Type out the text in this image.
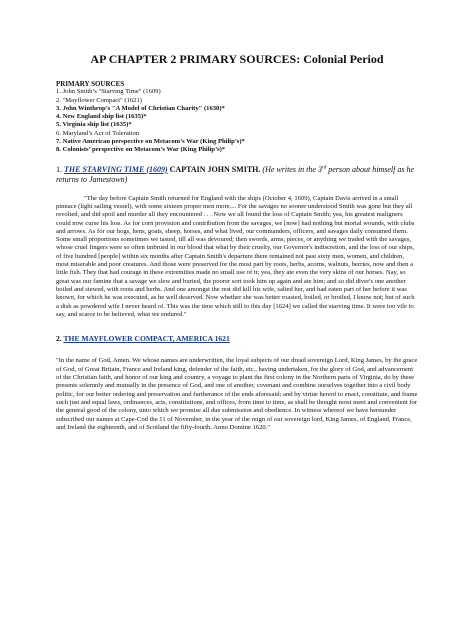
AP CHAPTER 2 PRIMARY SOURCES: Colonial Period

PRIMARY SOURCES

1. John Smith’s "Starving Time" (1609)
2. "Mayflower Compact" (1621)
3. John Winthrop’s "A Model of Christian Charity" (1630)*
4. New England ship list (1635)*
5. Virginia ship list (1635)*
6. Maryland’s Act of Toleration
7. Native American perspective on Metacom’s War (King Philip’s)*
8. Colonists’ perspective on Metacom’s War (King Philip’s)*

1. THE STARVING TIME (1609) CAPTAIN JOHN SMITH. (He writes in the 3rd person about himself as he returns to Jamestown)

"The day before Captain Smith returned for England with the ships (October 4, 1609), Captain Davis arrived in a small pinnace (light sailing vessel), with some sixteen proper men more.... For the savages no sooner understood Smith was gone but they all revolted, and did spoil and murder all they encountered . . . Now we all found the loss of Captain Smith; yea, his greatest maligners could now curse his loss. As for corn provision and contribution from the savages, we [now] had nothing but mortal wounds, with clubs and arrows. As for our hogs, hens, goats, sheep, horses, and what lived, our commanders, officers, and savages daily consumed them. Some small proportions sometimes we tasted, till all was devoured; then swords, arms, pieces, or anything we traded with the savages, whose cruel fingers were so often imbrued in our blood that what by their cruelty, our Governor's indiscretion, and the loss of our ships, of five hundred [people] within six months after Captain Smith's departure there remained not past sixty men, women, and children, most miserable and poor creatures. And those were preserved for the most part by roots, herbs, acorns, walnuts, berries, now and then a little fish. They that had courage in these extremities made no small use of it; yea, they ate even the very skins of our horses. Nay, so great was our famine that a savage we slew and buried, the poorer sort took him up again and ate him; and so did diver's one another boiled and stewed, with roots and herbs. And one amongst the rest did kill his wife, salted her, and had eaten part of her before it was known, for which he was executed, as he well deserved. Now whether she was better roasted, boiled, or broiled, I know not; but of such a dish as powdered wife I never heard of. This was the time which still to this day [1624] we called the starving time. It were too vile to say, and scarce to be believed, what we endured."

2. THE MAYFLOWER COMPACT, AMERICA 1621

"In the name of God, Amen. We whose names are underwritten, the loyal subjects of our dread sovereign Lord, King James, by the grace of God, of Great Britain, France and Ireland king, defender of the faith, etc., having undertaken, for the glory of God, and advancement of the Christian faith, and honor of our king and country, a voyage to plant the first colony in the Northern parts of Virginia, do by these presents solemnly and mutually in the presence of God, and one of another, covenant and combine ourselves together into a civil body politic, for our better ordering and preservation and furtherance of the ends aforesaid; and by virtue hereof to enact, constitute, and frame such just and equal laws, ordinances, acts, constitutions, and offices, from time to time, as shall be thought most meet and convenient for the general good of the colony, unto which we promise all due submission and obedience. In witness whereof we have hereunder subscribed our names at Cape-Cod the 11 of November, in the year of the reign of our sovereign lord, King James, of England, France, and Ireland the eighteenth, and of Scotland the fifty-fourth. Anno Domine 1620."
